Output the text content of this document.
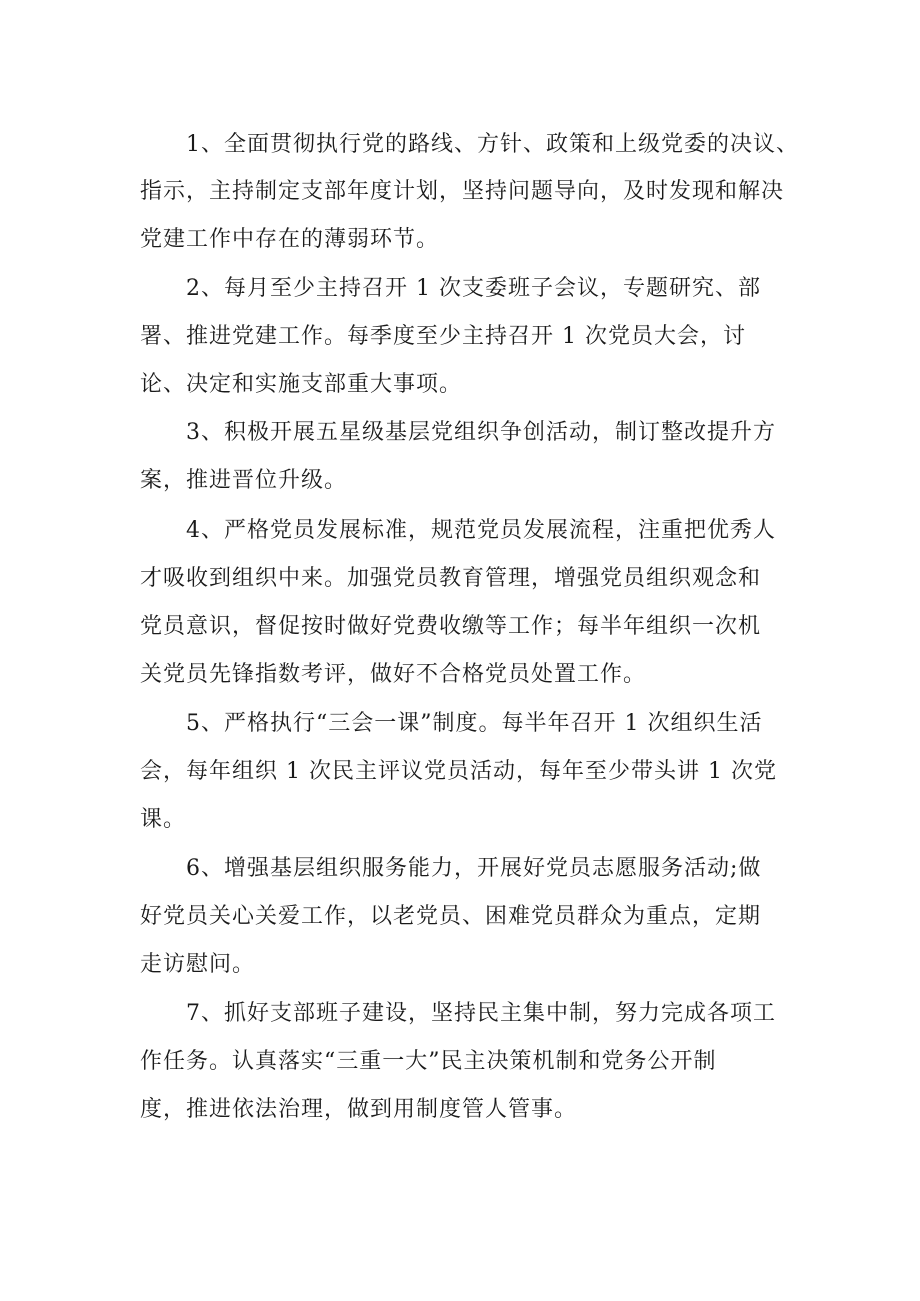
1、全面贯彻执行党的路线、方针、政策和上级党委的决议、
指示，主持制定支部年度计划，坚持问题导向，及时发现和解决
党建工作中存在的薄弱环节。
2、每月至少主持召开 1 次支委班子会议，专题研究、部
署、推进党建工作。每季度至少主持召开 1 次党员大会，讨
论、决定和实施支部重大事项。
3、积极开展五星级基层党组织争创活动，制订整改提升方
案，推进晋位升级。
4、严格党员发展标准，规范党员发展流程，注重把优秀人
才吸收到组织中来。加强党员教育管理，增强党员组织观念和
党员意识，督促按时做好党费收缴等工作；每半年组织一次机
关党员先锋指数考评，做好不合格党员处置工作。
5、严格执行“三会一课”制度。每半年召开 1 次组织生活
会，每年组织 1 次民主评议党员活动，每年至少带头讲 1 次党
课。
6、增强基层组织服务能力，开展好党员志愿服务活动;做
好党员关心关爱工作，以老党员、困难党员群众为重点，定期
走访慰问。
7、抓好支部班子建设，坚持民主集中制，努力完成各项工
作任务。认真落实“三重一大”民主决策机制和党务公开制
度，推进依法治理，做到用制度管人管事。
